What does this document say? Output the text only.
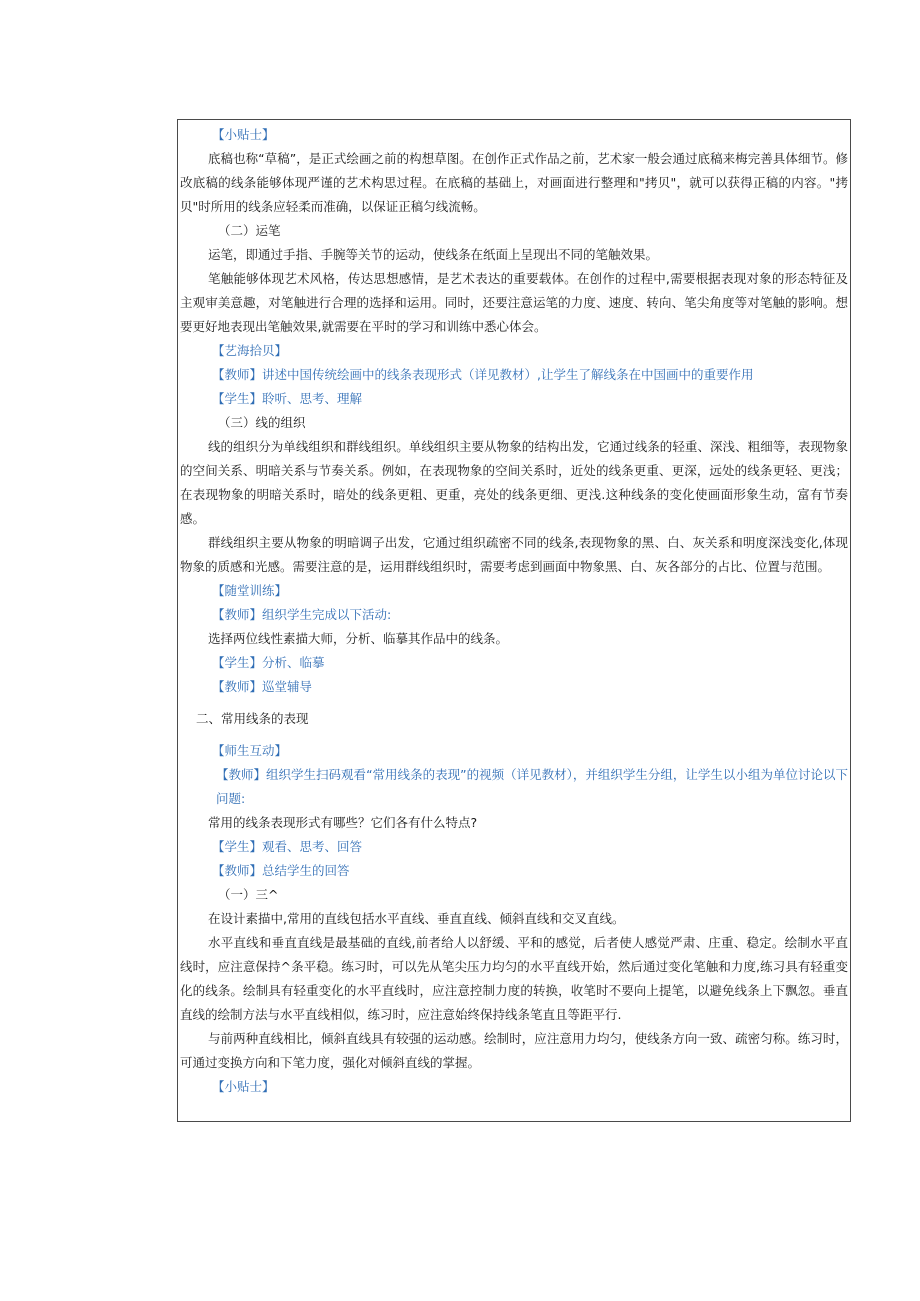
【小贴士】

底稿也称“草稿”，是正式绘画之前的构想草图。在创作正式作品之前，艺术家一般会通过底稿来梅完善具体细节。修改底稿的线条能够体现严谨的艺术构思过程。在底稿的基础上，对画面进行整理和"拷贝"，就可以获得正稿的内容。"拷贝"时所用的线条应轻柔而准确，以保证正稿匀线流畅。

（二）运笔

运笔，即通过手指、手腕等关节的运动，使线条在纸面上呈现出不同的笔触效果。

笔触能够体现艺术风格，传达思想感情，是艺术表达的重要载体。在创作的过程中,需要根据表现对象的形态特征及主观审美意趣，对笔触进行合理的选择和运用。同时，还要注意运笔的力度、速度、转向、笔尖角度等对笔触的影响。想要更好地表现出笔触效果,就需要在平时的学习和训练中悉心体会。

【艺海拾贝】

【教师】讲述中国传统绘画中的线条表现形式（详见教材）,让学生了解线条在中国画中的重要作用

【学生】聆听、思考、理解

（三）线的组织

线的组织分为单线组织和群线组织。单线组织主要从物象的结构出发，它通过线条的轻重、深浅、粗细等，表现物象的空间关系、明暗关系与节奏关系。例如，在表现物象的空间关系时，近处的线条更重、更深，远处的线条更轻、更浅；在表现物象的明暗关系时，暗处的线条更粗、更重，亮处的线条更细、更浅.这种线条的变化使画面形象生动，富有节奏感。

群线组织主要从物象的明暗调子出发，它通过组织疏密不同的线条,表现物象的黑、白、灰关系和明度深浅变化,体现物象的质感和光感。需要注意的是，运用群线组织时，需要考虑到画面中物象黑、白、灰各部分的占比、位置与范围。

【随堂训练】

【教师】组织学生完成以下活动:

选择两位线性素描大师，分析、临摹其作品中的线条。

【学生】分析、临摹

【教师】巡堂辅导

二、常用线条的表现

【师生互动】

【教师】组织学生扫码观看“常用线条的表现”的视频（详见教材），并组织学生分组，让学生以小组为单位讨论以下问题:

常用的线条表现形式有哪些？它们各有什么特点?

【学生】观看、思考、回答

【教师】总结学生的回答

（一）三^

在设计素描中,常用的直线包括水平直线、垂直直线、倾斜直线和交叉直线。

水平直线和垂直直线是最基础的直线,前者给人以舒缓、平和的感觉，后者使人感觉严肃、庄重、稳定。绘制水平直线时，应注意保持^条平稳。练习时，可以先从笔尖压力均匀的水平直线开始，然后通过变化笔触和力度,练习具有轻重变化的线条。绘制具有轻重变化的水平直线时，应注意控制力度的转换，收笔时不要向上提笔，以避免线条上下飘忽。垂直直线的绘制方法与水平直线相似，练习时，应注意始终保持线条笔直且等距平行.

与前两种直线相比，倾斜直线具有较强的运动感。绘制时，应注意用力均匀，使线条方向一致、疏密匀称。练习时，可通过变换方向和下笔力度，强化对倾斜直线的掌握。

【小贴士】
